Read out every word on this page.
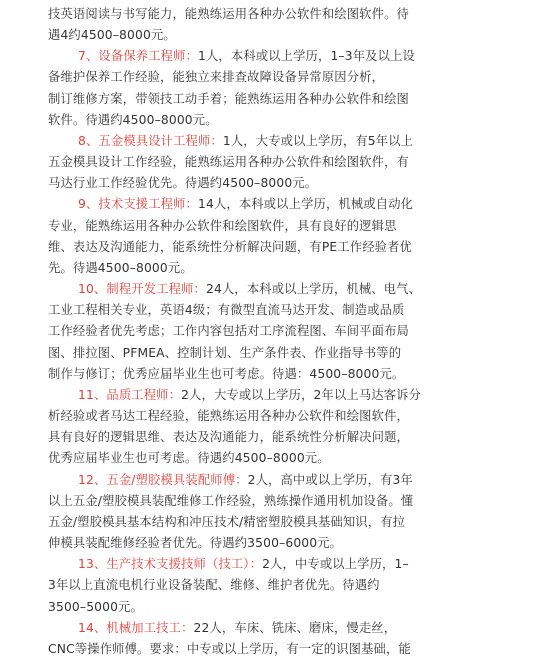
技英语阅读与书写能力，能熟练运用各种办公软件和绘图软件。待
遇4约4500–8000元。
7、设备保养工程师：1人，本科或以上学历，1–3年及以上设
备维护保养工作经验，能独立来排查故障设备异常原因分析，
制订维修方案，带领技工动手着；能熟练运用各种办公软件和绘图
软件。待遇约4500–8000元。
8、五金模具设计工程师：1人，大专或以上学历，有5年以上
五金模具设计工作经验，能熟练运用各种办公软件和绘图软件，有
马达行业工作经验优先。待遇约4500–8000元。
9、技术支援工程师：14人，本科或以上学历，机械或自动化
专业，能熟练运用各种办公软件和绘图软件，具有良好的逻辑思
维、表达及沟通能力，能系统性分析解决问题，有PE工作经验者优
先。待遇4500–8000元。
10、制程开发工程师：24人，本科或以上学历，机械、电气、
工业工程相关专业，英语4级；有微型直流马达开发、制造或品质
工作经验者优先考虑；工作内容包括对工序流程图、车间平面布局
图、排拉图、PFMEA、控制计划、生产条件表、作业指导书等的
制作与修订；优秀应届毕业生也可考虑。待遇：4500–8000元。
11、品质工程师：2人，大专或以上学历，2年以上马达客诉分
析经验或者马达工程经验，能熟练运用各种办公软件和绘图软件，
具有良好的逻辑思维、表达及沟通能力，能系统性分析解决问题，
优秀应届毕业生也可考虑。待遇约4500–8000元。
12、五金/塑胶模具装配师傅：2人，高中或以上学历，有3年
以上五金/塑胶模具装配维修工作经验，熟练操作通用机加设备。懂
五金/塑胶模具基本结构和冲压技术/精密塑胶模具基础知识，有拉
伸模具装配维修经验者优先。待遇约3500–6000元。
13、生产技术支援技师（技工）：2人，中专或以上学历，1–
3年以上直流电机行业设备装配、维修、维护者优先。待遇约
3500–5000元。
14、机械加工技工：22人，车床、铣床、磨床，慢走丝，
CNC等操作师傅。要求：中专或以上学历，有一定的识图基础，能
